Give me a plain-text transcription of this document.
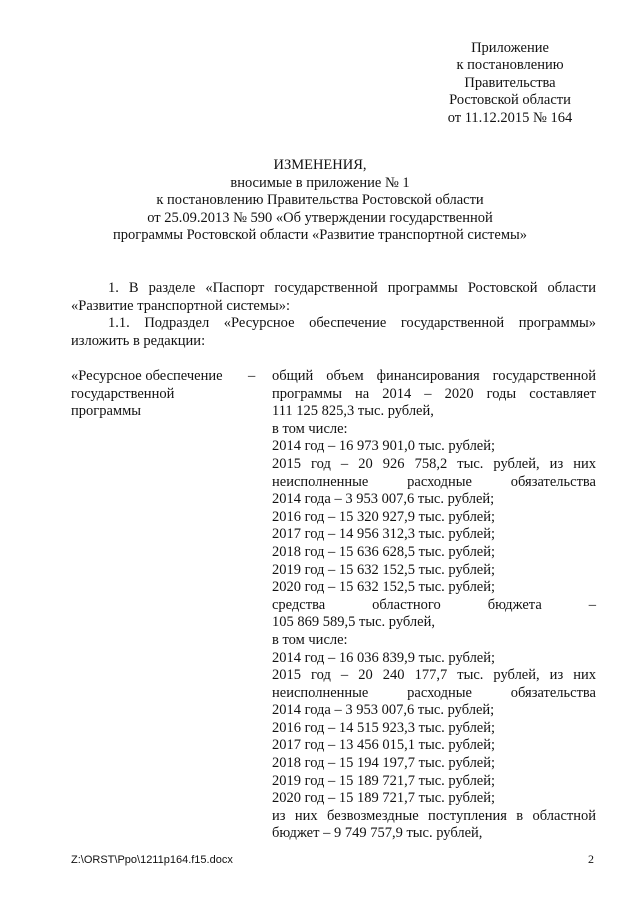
Приложение
к постановлению
Правительства
Ростовской области
от 11.12.2015 № 164
ИЗМЕНЕНИЯ,
вносимые в приложение № 1
к постановлению Правительства Ростовской области
от 25.09.2013 № 590 «Об утверждении государственной
программы Ростовской области «Развитие транспортной системы»

1. В разделе «Паспорт государственной программы Ростовской области «Развитие транспортной системы»:

1.1. Подраздел «Ресурсное обеспечение государственной программы» изложить в редакции:

«Ресурсное обеспечение государственной программы
– общий объем финансирования государственной
программы на 2014 – 2020 годы составляет
111 125 825,3 тыс. рублей,
в том числе:
2014 год – 16 973 901,0 тыс. рублей;
2015 год – 20 926 758,2 тыс. рублей, из них
неисполненные расходные обязательства
2014 года – 3 953 007,6 тыс. рублей;
2016 год – 15 320 927,9 тыс. рублей;
2017 год – 14 956 312,3 тыс. рублей;
2018 год – 15 636 628,5 тыс. рублей;
2019 год – 15 632 152,5 тыс. рублей;
2020 год – 15 632 152,5 тыс. рублей;
средства областного бюджета –
105 869 589,5 тыс. рублей,
в том числе:
2014 год – 16 036 839,9 тыс. рублей;
2015 год – 20 240 177,7 тыс. рублей, из них
неисполненные расходные обязательства
2014 года – 3 953 007,6 тыс. рублей;
2016 год – 14 515 923,3 тыс. рублей;
2017 год – 13 456 015,1 тыс. рублей;
2018 год – 15 194 197,7 тыс. рублей;
2019 год – 15 189 721,7 тыс. рублей;
2020 год – 15 189 721,7 тыс. рублей;
из них безвозмездные поступления в областной
бюджет – 9 749 757,9 тыс. рублей,
Z:\ORST\Ppo\1211p164.f15.docx	2
